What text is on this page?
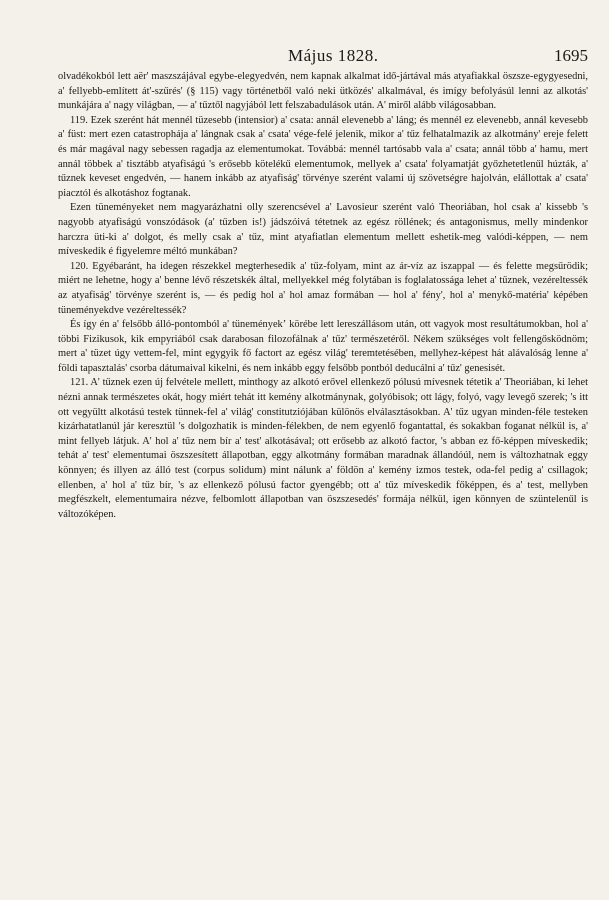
Május 1828.	1695

olvadékokból lett aër' maszszájával egybe-elegyedvén, nem kapnak alkalmat idő-jártával más atyafiakkal öszsze-egygyesedni, a' fellyebb-említett át'-szűrés' (§ 115) vagy történetből való neki ütközés' alkalmával, és imígy befolyásúl lenni az alkotás' munkájára a' nagy világban, — a' tűztől nagyjából lett felszabadulások után. A' miről alább világosabban.

119. Ezek szerént hát mennél tüzesebb (intensior) a' csata: annál elevenebb a' láng; és mennél ez elevenebb, annál kevesebb a' füst: mert ezen catastrophája a' lángnak csak a' csata' vége-felé jelenik, mikor a' tűz felhatalmazik az alkotmány' ereje felett és már magával nagy sebessen ragadja az elementumokat. Továbbá: mennél tartósabb vala a' csata; annál több a' hamu, mert annál többek a' tisztább atyafiságú 's erősebb kötelékű elementumok, mellyek a' csata' folyamatját győzhetetlenűl húzták, a' tűznek keveset engedvén, — hanem inkább az atyafiság' törvénye szerént valami új szövetségre hajolván, elállottak a' csata' piacztól és alkotáshoz fogtanak.

Ezen tüneményeket nem magyarázhatni olly szerencsével a' Lavosieur szerént való Theoriában, hol csak a' kissebb 's nagyobb atyafiságú vonszódások (a' tűzben is!) jádszóivá tétetnek az egész röllének; és antagonismus, melly mindenkor harczra üti-ki a' dolgot, és melly csak a' tűz, mint atyafiatlan elementum mellett eshetik-meg valódi-képpen, — nem míveskedik é figyelemre méltó munkában?

120. Egyébaránt, ha idegen részekkel megterhesedik a' tűz-folyam, mint az ár-víz az iszappal — és felette megsűrödik; miért ne lehetne, hogy a' benne lévő részetskék által, mellyekkel még folytában is foglalatossága lehet a' tűznek, vezéreltessék az atyafiság' törvénye szerént is, — és pedig hol a' hol amaz formában — hol a' fény', hol a' menykő-matéria' képében tüneményekdve vezéreltessék?

És így én a' felsőbb álló-pontomból a' tüneményekʼ körébe lett lereszállásom után, ott vagyok most resultátumokban, hol a' többi Fizikusok, kik empyriából csak darabosan filozofálnak a' tűz' természetéről. Nékem szükséges volt fellengősködnöm; mert a' tüzet úgy vettem-fel, mint egygyik fő factort az egész világ' teremtetésében, mellyhez-képest hát alávalóság lenne a' földi tapasztalás' csorba dátumaival kikelni, és nem inkább eggy felsőbb pontból deducálni a' tűz' genesisét.

121. A' tűznek ezen új felvétele mellett, minthogy az alkotó erővel ellenkező pólusú mívesnek tétetik a' Theoriában, ki lehet nézni annak természetes okát, hogy miért tehát itt kemény alkotmánynak, golyóbisok; ott lágy, folyó, vagy levegő szerek; 's itt ott vegyültt alkotású testek tünnek-fel a' világ' constitutziójában különös elválasztásokban. A' tűz ugyan minden-féle testeken kizárhatatlanúl jár keresztül 's dolgozhatik is minden-félekben, de nem egyenlő fogantattal, és sokakban foganat nélkül is, a' mint fellyeb látjuk. A' hol a' tűz nem bír a' test' alkotásával; ott erősebb az alkotó factor, 's abban ez fő-képpen míveskedik; tehát a' test' elementumai öszszesített állapotban, eggy alkotmány formában maradnak állandóúl, nem is változhatnak eggy könnyen; és illyen az álló test (corpus solidum) mint nálunk a' földön a' kemény izmos testek, oda-fel pedig a' csillagok; ellenben, a' hol a' tűz bír, 's az ellenkező pólusú factor gyengébb; ott a' tűz míveskedik főképpen, és a' test, mellyben megfészkelt, elementumaira nézve, felbomlott állapotban van öszszesedés' formája nélkül, igen könnyen de szüntelenűl is változóképen.
